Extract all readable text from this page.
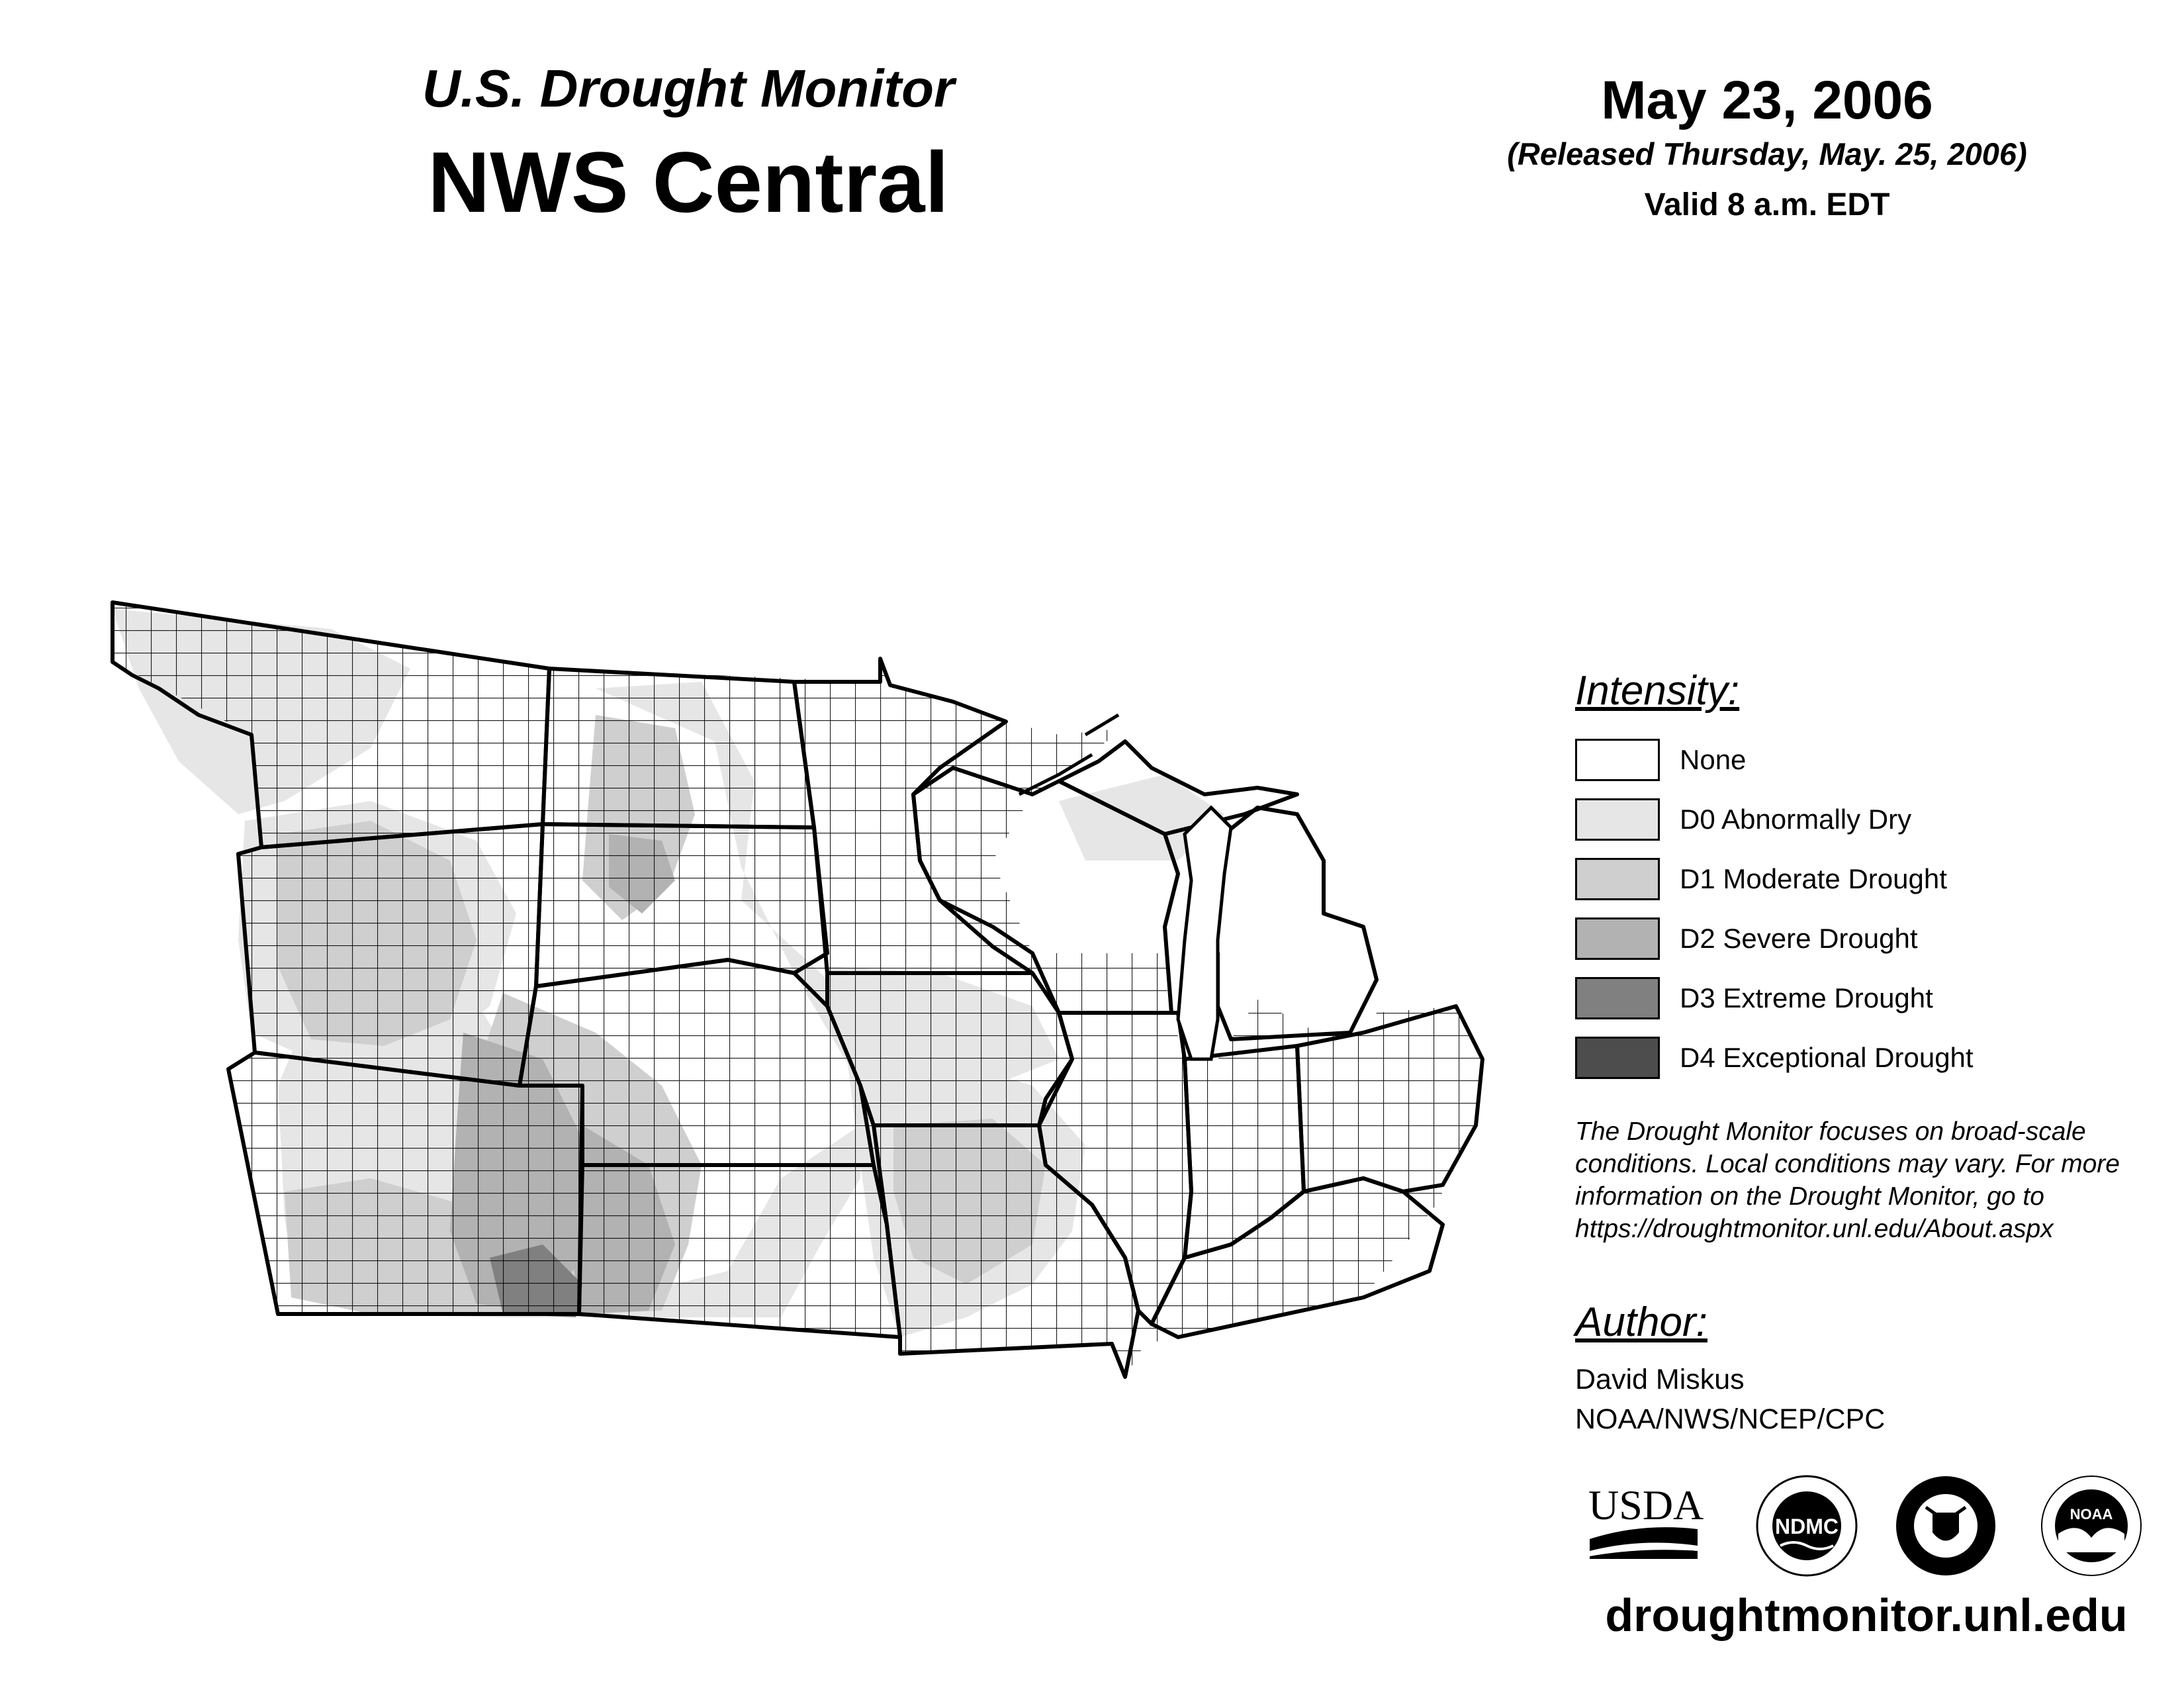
U.S. Drought Monitor
NWS Central
May 23, 2006
(Released Thursday, May. 25, 2006)
Valid 8 a.m. EDT
Intensity:
None
D0 Abnormally Dry
D1 Moderate Drought
D2 Severe Drought
D3 Extreme Drought
D4 Exceptional Drought
The Drought Monitor focuses on broad-scale conditions. Local conditions may vary. For more information on the Drought Monitor, go to https://droughtmonitor.unl.edu/About.aspx
Author:
David Miskus
NOAA/NWS/NCEP/CPC
USDA	NDMC
NOAA
droughtmonitor.unl.edu
